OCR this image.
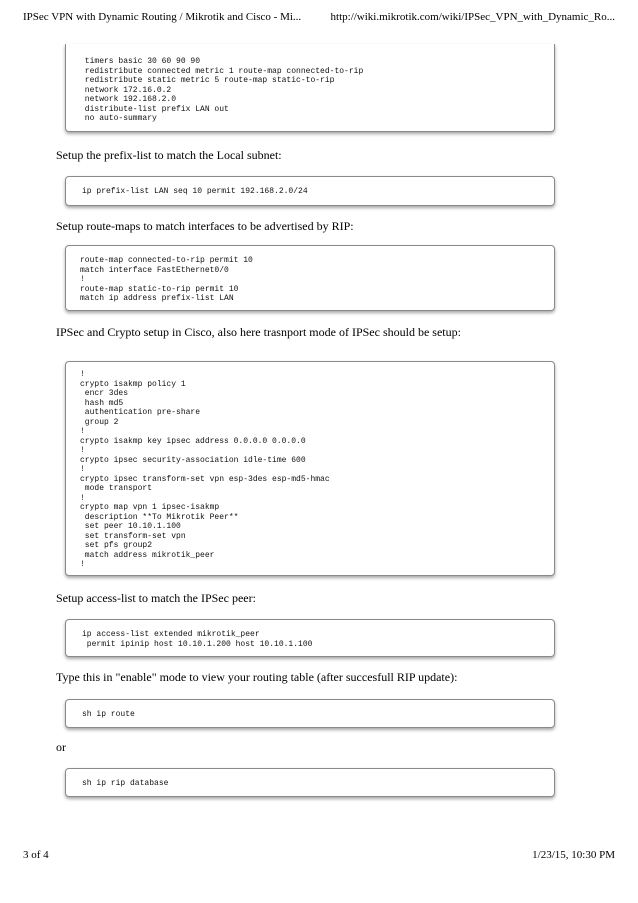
IPSec VPN with Dynamic Routing / Mikrotik and Cisco - Mi...	http://wiki.mikrotik.com/wiki/IPSec_VPN_with_Dynamic_Ro...
timers basic 30 60 90 90
redistribute connected metric 1 route-map connected-to-rip
redistribute static metric 5 route-map static-to-rip
network 172.16.0.2
network 192.168.2.0
distribute-list prefix LAN out
no auto-summary
Setup the prefix-list to match the Local subnet:
ip prefix-list LAN seq 10 permit 192.168.2.0/24
Setup route-maps to match interfaces to be advertised by RIP:
route-map connected-to-rip permit 10
match interface FastEthernet0/0
!
route-map static-to-rip permit 10
match ip address prefix-list LAN
IPSec and Crypto setup in Cisco, also here trasnport mode of IPSec should be setup:
!
crypto isakmp policy 1
encr 3des
hash md5
authentication pre-share
group 2
!
crypto isakmp key ipsec address 0.0.0.0 0.0.0.0
!
crypto ipsec security-association idle-time 600
!
crypto ipsec transform-set vpn esp-3des esp-md5-hmac
mode transport
!
crypto map vpn 1 ipsec-isakmp
description **To Mikrotik Peer**
set peer 10.10.1.100
set transform-set vpn
set pfs group2
match address mikrotik_peer
!
Setup access-list to match the IPSec peer:
ip access-list extended mikrotik_peer
permit ipinip host 10.10.1.200 host 10.10.1.100
Type this in "enable" mode to view your routing table (after succesfull RIP update):
sh ip route
or
sh ip rip database
3 of 4	1/23/15, 10:30 PM
